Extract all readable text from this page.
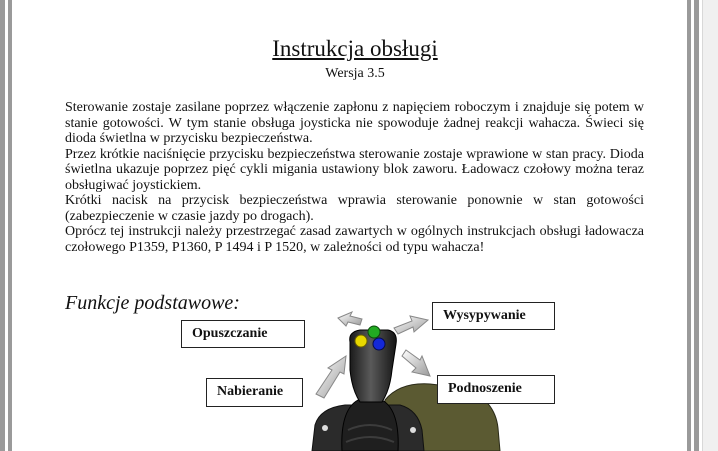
Instrukcja obsługi
Wersja 3.5

Sterowanie zostaje zasilane poprzez włączenie zapłonu z napięciem roboczym i znajduje się potem w stanie gotowości. W tym stanie obsługa joysticka nie spowoduje żadnej reakcji wahacza. Świeci się dioda świetlna w przycisku bezpieczeństwa.

Przez krótkie naciśnięcie przycisku bezpieczeństwa sterowanie zostaje wprawione w stan pracy. Dioda świetlna ukazuje poprzez pięć cykli migania ustawiony blok zaworu. Ładowacz czołowy można teraz obsługiwać joystickiem.

Krótki nacisk na przycisk bezpieczeństwa wprawia sterowanie ponownie w stan gotowości (zabezpieczenie w czasie jazdy po drogach).

Oprócz tej instrukcji należy przestrzegać zasad zawartych w ogólnych instrukcjach obsługi ładowacza czołowego P1359, P1360, P 1494 i P 1520, w zależności od typu wahacza!

Funkcje podstawowe:
Opuszczanie
Wysypywanie
Nabieranie	Podnoszenie
